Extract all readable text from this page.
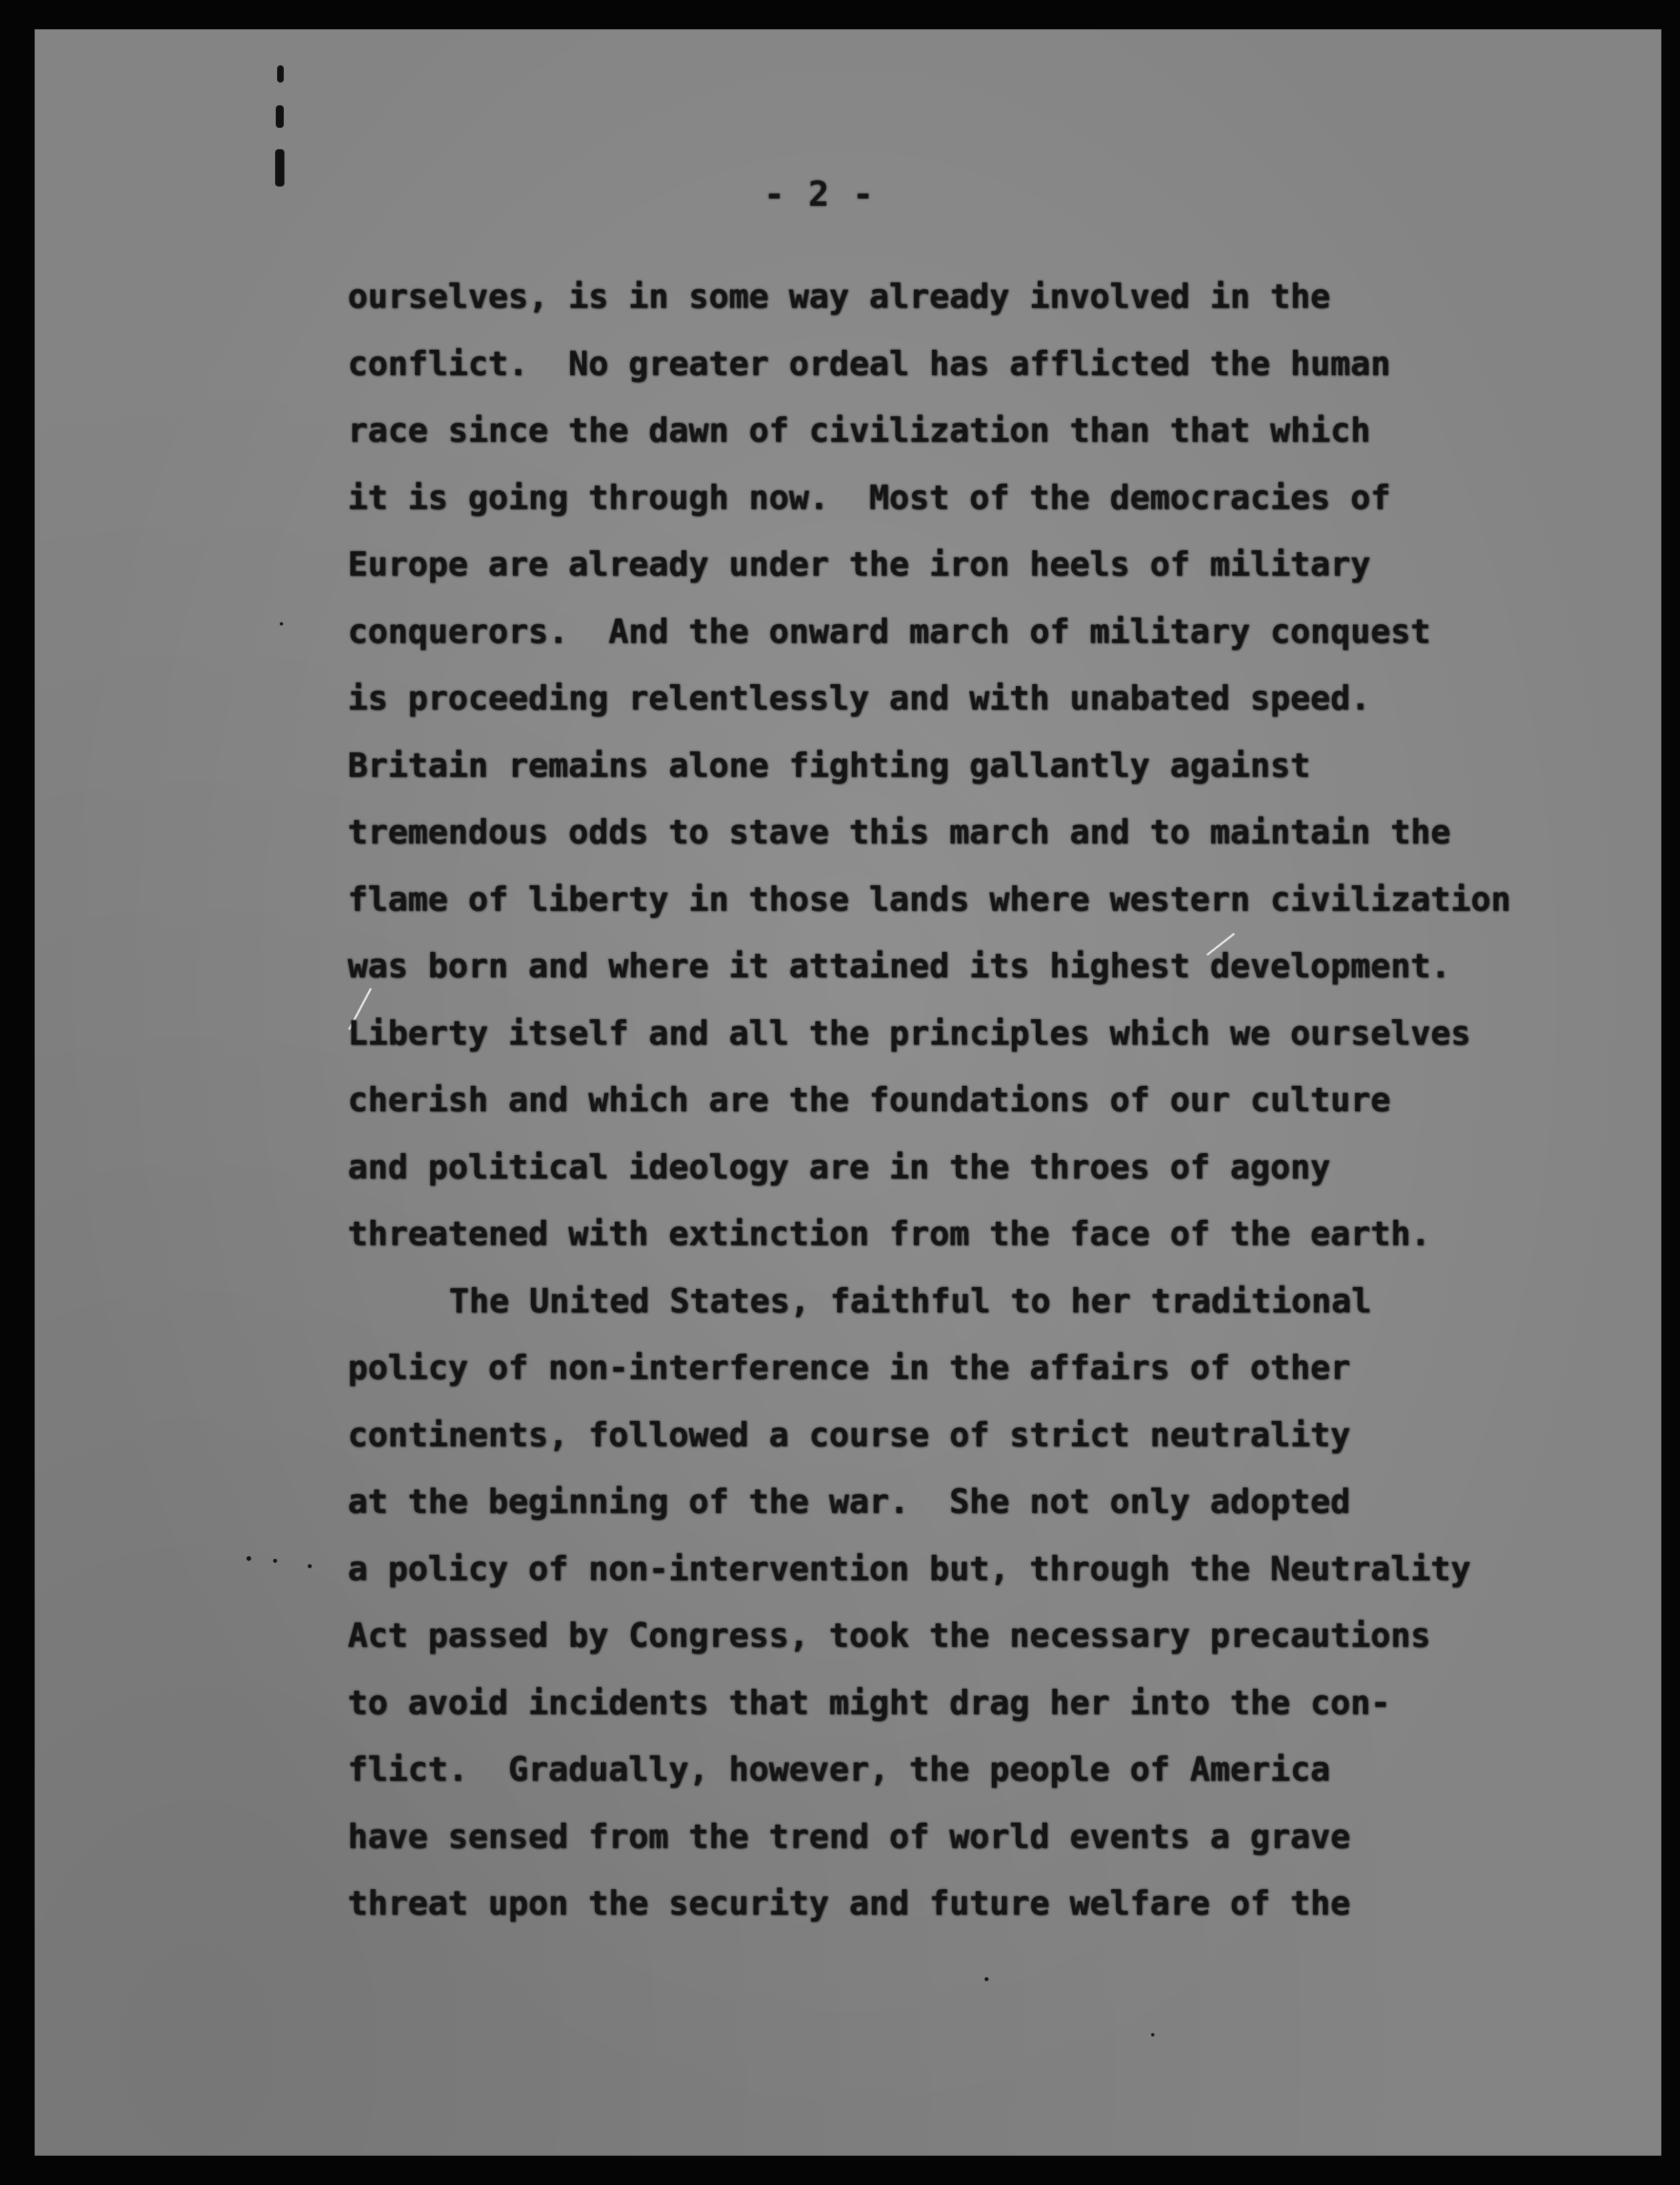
- 2 -
ourselves, is in some way already involved in the
conflict.  No greater ordeal has afflicted the human
race since the dawn of civilization than that which
it is going through now.  Most of the democracies of
Europe are already under the iron heels of military
conquerors.  And the onward march of military conquest
is proceeding relentlessly and with unabated speed.
Britain remains alone fighting gallantly against
tremendous odds to stave this march and to maintain the
flame of liberty in those lands where western civilization
was born and where it attained its highest development.
Liberty itself and all the principles which we ourselves
cherish and which are the foundations of our culture
and political ideology are in the throes of agony
threatened with extinction from the face of the earth.
The United States, faithful to her traditional
policy of non-interference in the affairs of other
continents, followed a course of strict neutrality
at the beginning of the war.  She not only adopted
a policy of non-intervention but, through the Neutrality
Act passed by Congress, took the necessary precautions
to avoid incidents that might drag her into the con-
flict.  Gradually, however, the people of America
have sensed from the trend of world events a grave
threat upon the security and future welfare of the
